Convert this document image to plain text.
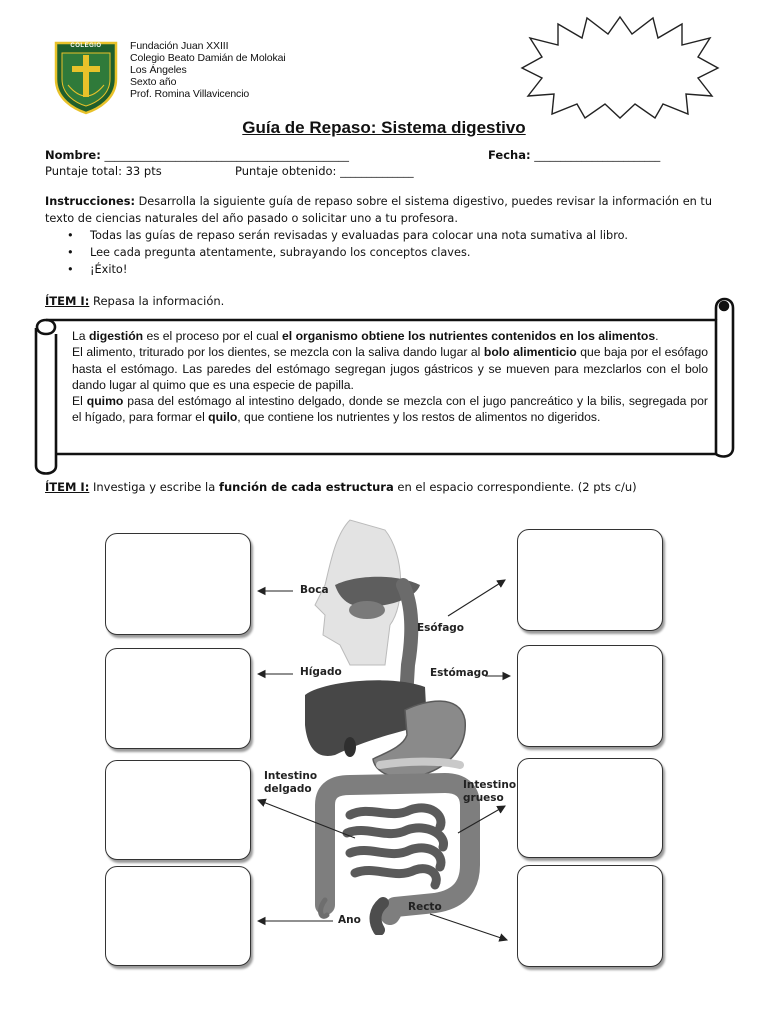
COLEGIO	Fundación Juan XXIII
Colegio Beato Damián de Molokai
Los Ángeles
Sexto año
Prof. Romina Villavicencio
Guía de Repaso: Sistema digestivo
Nombre: ________________________________________________	Fecha: ________________________
Puntaje total: 33 pts	Puntaje obtenido: ______________
Instrucciones: Desarrolla la siguiente guía de repaso sobre el sistema digestivo, puedes revisar la información en tu texto de ciencias naturales del año pasado o solicitar uno a tu profesora.
• Todas las guías de repaso serán revisadas y evaluadas para colocar una nota sumativa al libro.
• Lee cada pregunta atentamente, subrayando los conceptos claves.
• ¡Éxito!
ÍTEM I: Repasa la información.
La digestión es el proceso por el cual el organismo obtiene los nutrientes contenidos en los alimentos.
El alimento, triturado por los dientes, se mezcla con la saliva dando lugar al bolo alimenticio que baja por el esófago hasta el estómago. Las paredes del estómago segregan jugos gástricos y se mueven para mezclarlos con el bolo dando lugar al quimo que es una especie de papilla.
El quimo pasa del estómago al intestino delgado, donde se mezcla con el jugo pancreático y la bilis, segregada por el hígado, para formar el quilo, que contiene los nutrientes y los restos de alimentos no digeridos.
ÍTEM I: Investiga y escribe la función de cada estructura en el espacio correspondiente. (2 pts c/u)
Boca
Esófago
Hígado	Estómago
Intestino
delgado	Intestino
grueso
Ano
Recto
